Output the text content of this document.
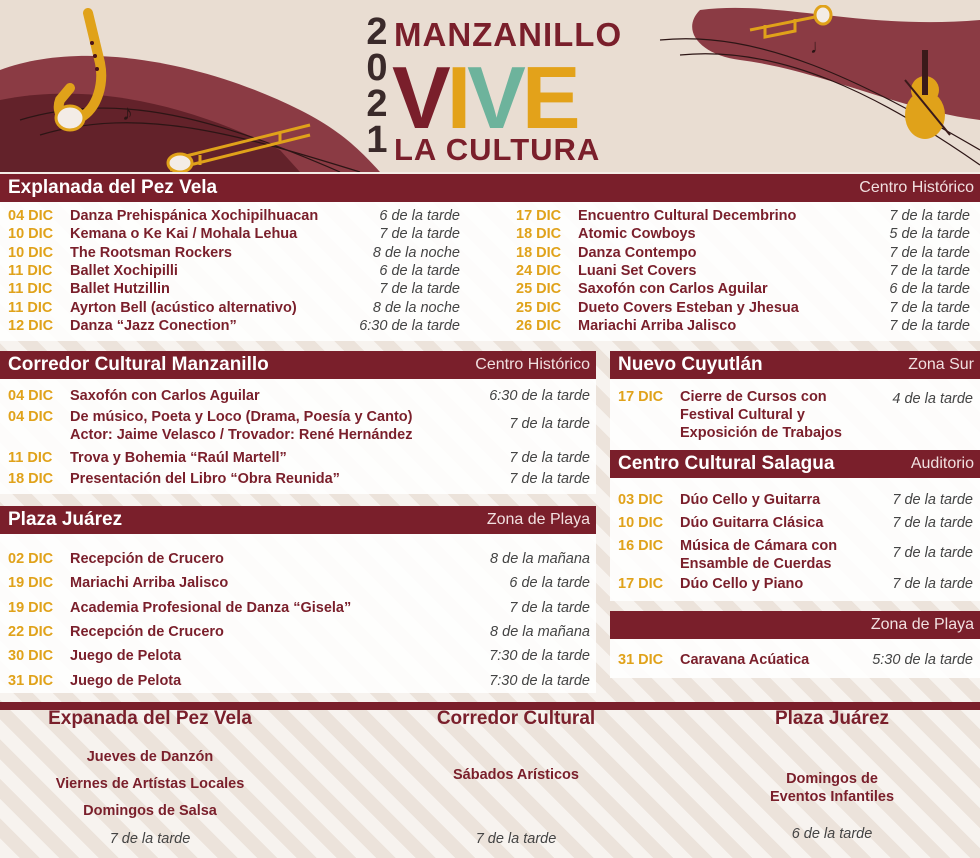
♪
♩
2
0
2
1
MANZANILLO
VIVE
LA CULTURA
Explanada del Pez Vela	Centro Histórico
04 DIC	Danza Prehispánica Xochipilhuacan	6 de la tarde
10 DIC	Kemana o Ke Kai / Mohala Lehua	7 de la tarde
10 DIC	The Rootsman Rockers	8 de la noche
11 DIC	Ballet Xochipilli	6 de la tarde
11 DIC	Ballet Hutzillin	7 de la tarde
11 DIC	Ayrton Bell (acústico alternativo)	8 de la noche
12 DIC	Danza “Jazz Conection”	6:30 de la tarde
17 DIC	Encuentro Cultural Decembrino	7 de la tarde
18 DIC	Atomic Cowboys	5 de la tarde
18 DIC	Danza Contempo	7 de la tarde
24 DIC	Luani Set Covers	7 de la tarde
25 DIC	Saxofón con Carlos Aguilar	6 de la tarde
25 DIC	Dueto Covers Esteban y Jhesua	7 de la tarde
26 DIC	Mariachi Arriba Jalisco	7 de la tarde
Corredor Cultural Manzanillo	Centro Histórico
04 DIC	Saxofón con Carlos Aguilar	6:30 de la tarde
04 DIC	De músico, Poeta y Loco (Drama, Poesía y Canto)
Actor: Jaime Velasco / Trovador: René Hernández
7 de la tarde
11 DIC	Trova y Bohemia “Raúl Martell”	7 de la tarde
18 DIC	Presentación del Libro “Obra Reunida”	7 de la tarde
Nuevo Cuyutlán	Zona Sur
17 DIC	Cierre de Cursos con
Festival Cultural y
Exposición de Trabajos
4 de la tarde
Centro Cultural Salagua	Auditorio
03 DIC	Dúo Cello y Guitarra	7 de la tarde
10 DIC	Dúo Guitarra Clásica	7 de la tarde
16 DIC	Música de Cámara con
Ensamble de Cuerdas
7 de la tarde
17 DIC	Dúo Cello y Piano	7 de la tarde
Plaza Juárez	Zona de Playa
02 DIC	Recepción de Crucero	8 de la mañana
19 DIC	Mariachi Arriba Jalisco	6 de la tarde
19 DIC	Academia Profesional de Danza “Gisela”	7 de la tarde
22 DIC	Recepción de Crucero	8 de la mañana
30 DIC	Juego de Pelota	7:30 de la tarde
31 DIC	Juego de Pelota	7:30 de la tarde
Zona de Playa
31 DIC	Caravana Acúatica	5:30 de la tarde
Expanada del Pez Vela
Jueves de Danzón
Viernes de Artístas Locales
Domingos de Salsa
7 de la tarde
Corredor Cultural
Sábados Arísticos
7 de la tarde
Plaza Juárez
Domingos de
Eventos Infantiles
6 de la tarde
